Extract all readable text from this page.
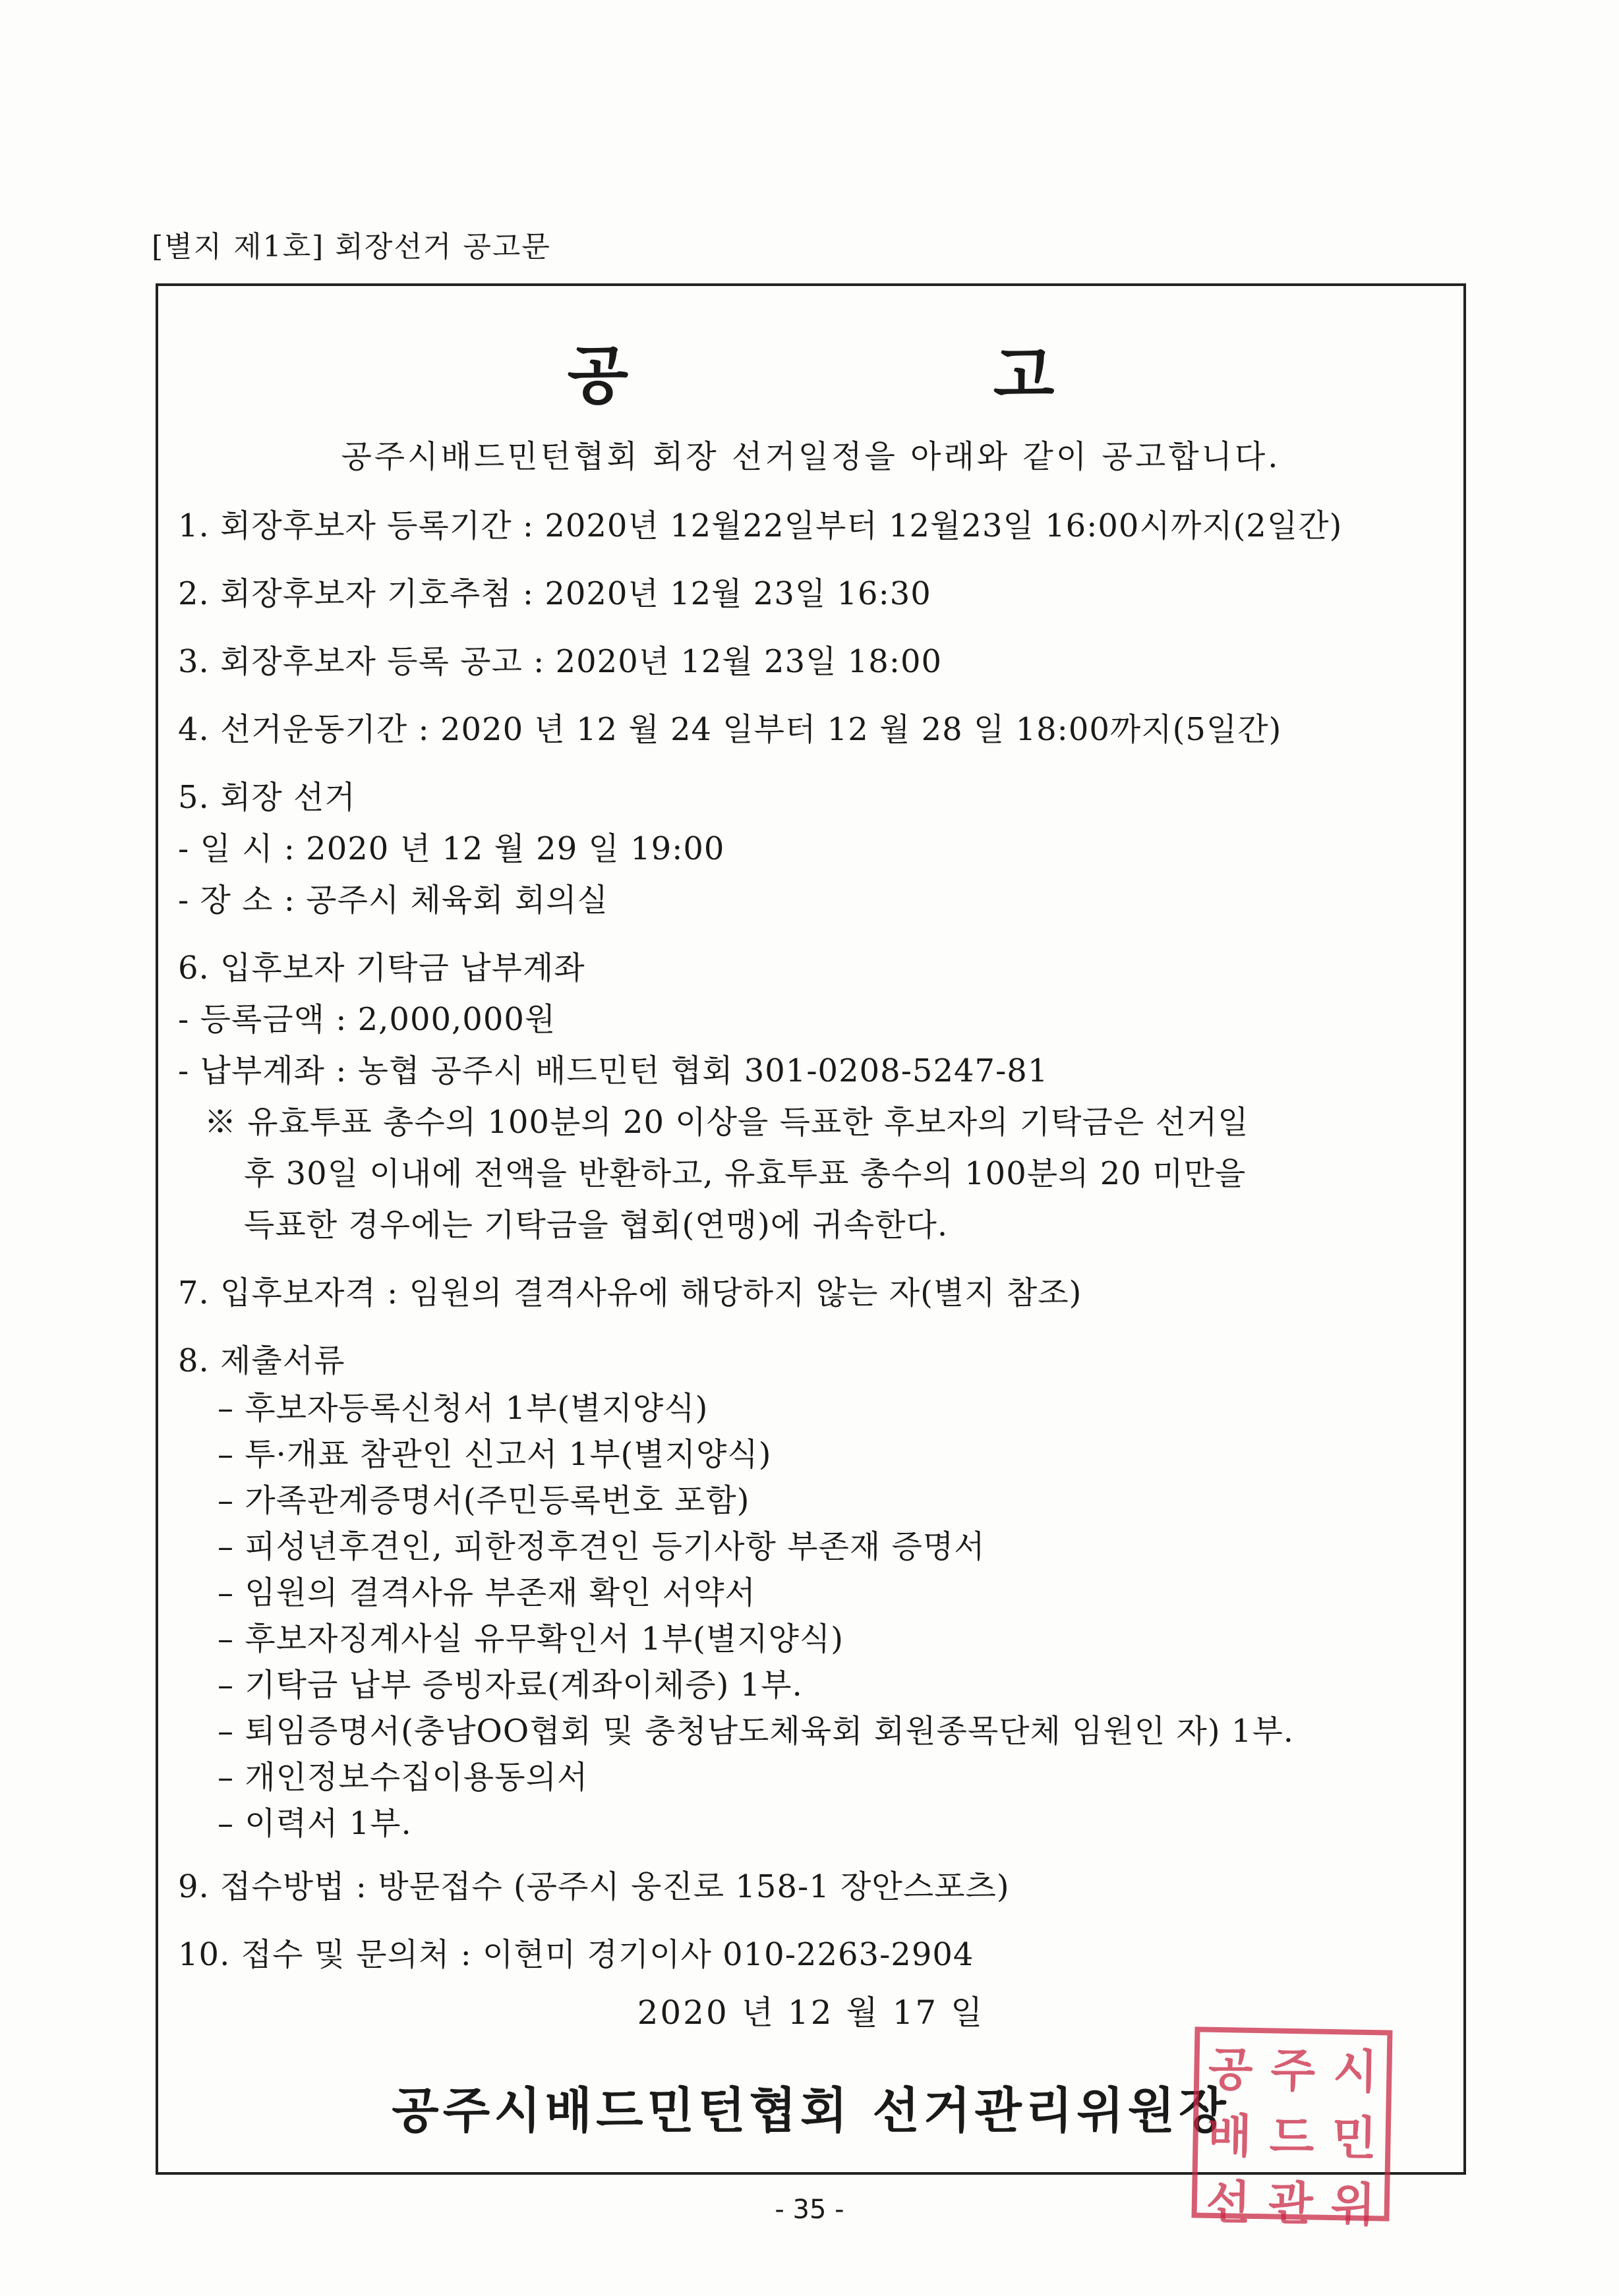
[별지 제1호] 회장선거 공고문
공 고
공주시배드민턴협회 회장 선거일정을 아래와 같이 공고합니다.
1. 회장후보자 등록기간 : 2020년 12월22일부터 12월23일 16:00시까지(2일간)
2. 회장후보자 기호추첨 : 2020년 12월 23일 16:30
3. 회장후보자 등록 공고 : 2020년 12월 23일 18:00
4. 선거운동기간 : 2020 년 12 월 24 일부터 12 월 28 일 18:00까지(5일간)
5. 회장 선거
- 일 시 : 2020 년 12 월 29 일 19:00
- 장 소 : 공주시 체육회 회의실
6. 입후보자 기탁금 납부계좌
- 등록금액 : 2,000,000원
- 납부계좌 : 농협 공주시 배드민턴 협회 301-0208-5247-81
※ 유효투표 총수의 100분의 20 이상을 득표한 후보자의 기탁금은 선거일
후 30일 이내에 전액을 반환하고, 유효투표 총수의 100분의 20 미만을
득표한 경우에는 기탁금을 협회(연맹)에 귀속한다.
7. 입후보자격 : 임원의 결격사유에 해당하지 않는 자(별지 참조)
8. 제출서류
– 후보자등록신청서 1부(별지양식)
– 투·개표 참관인 신고서 1부(별지양식)
– 가족관계증명서(주민등록번호 포함)
– 피성년후견인, 피한정후견인 등기사항 부존재 증명서
– 임원의 결격사유 부존재 확인 서약서
– 후보자징계사실 유무확인서 1부(별지양식)
– 기탁금 납부 증빙자료(계좌이체증) 1부.
– 퇴임증명서(충남OO협회 및 충청남도체육회 회원종목단체 임원인 자) 1부.
– 개인정보수집이용동의서
– 이력서 1부.
9. 접수방법 : 방문접수 (공주시 웅진로 158-1 장안스포츠)
10. 접수 및 문의처 : 이현미 경기이사 010-2263-2904
2020 년 12 월 17 일
공주시배드민턴협회 선거관리위원장
공 주 시
배 드 민
선 관 위
- 35 -
